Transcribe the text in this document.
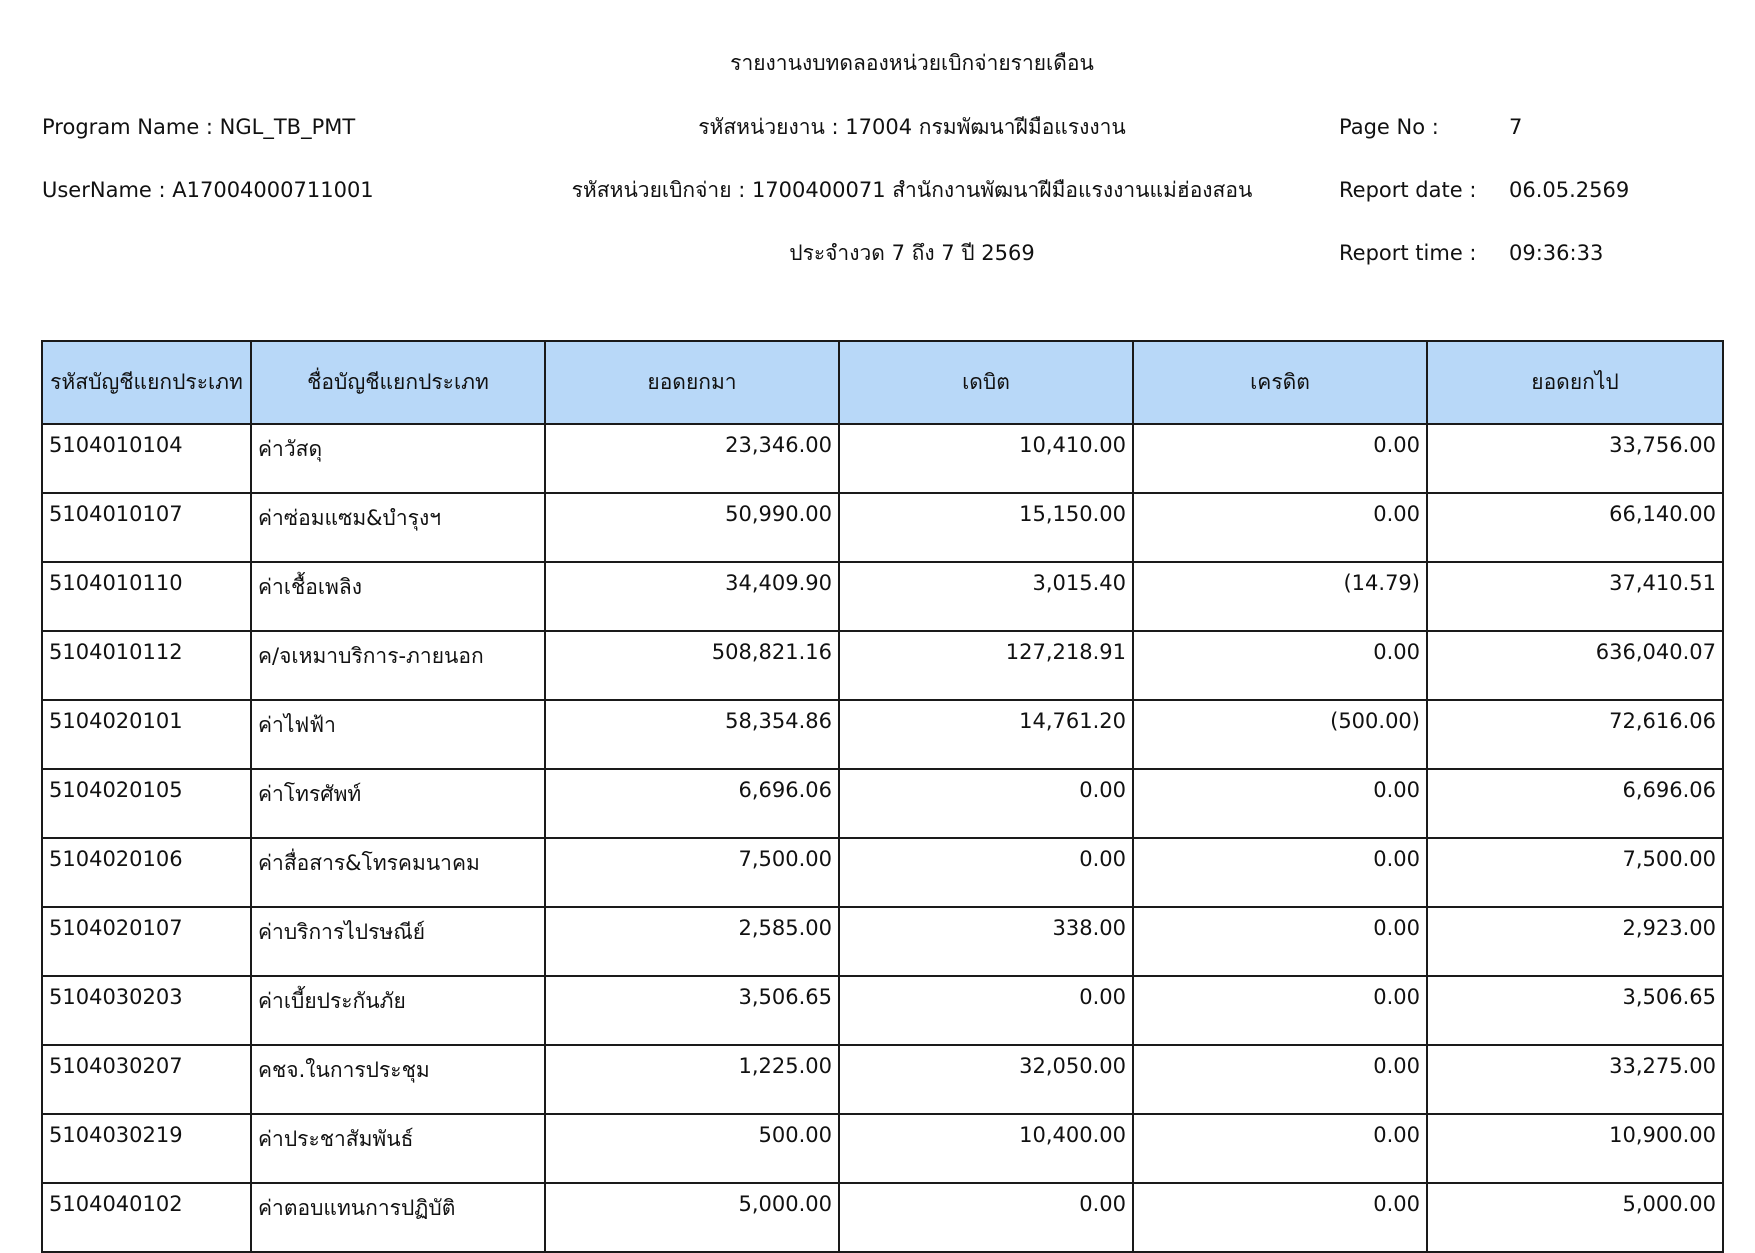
รายงานงบทดลองหน่วยเบิกจ่ายรายเดือน
Program Name : NGL_TB_PMT	รหัสหน่วยงาน : 17004 กรมพัฒนาฝีมือแรงงาน	Page No :	7
UserName : A17004000711001	รหัสหน่วยเบิกจ่าย : 1700400071 สำนักงานพัฒนาฝีมือแรงงานแม่ฮ่องสอน	Report date : 06.05.2569
ประจำงวด 7 ถึง 7 ปี 2569	Report time : 09:36:33
รหัสบัญชีแยกประเภท	ชื่อบัญชีแยกประเภท	ยอดยกมา	เดบิต	เครดิต	ยอดยกไป
5104010104	ค่าวัสดุ	23,346.00	10,410.00	0.00	33,756.00
5104010107	ค่าซ่อมแซม&บำรุงฯ	50,990.00	15,150.00	0.00	66,140.00
5104010110	ค่าเชื้อเพลิง	34,409.90	3,015.40	(14.79)	37,410.51
5104010112	ค/จเหมาบริการ-ภายนอก	508,821.16	127,218.91	0.00	636,040.07
5104020101	ค่าไฟฟ้า	58,354.86	14,761.20	(500.00)	72,616.06
5104020105	ค่าโทรศัพท์	6,696.06	0.00	0.00	6,696.06
5104020106	ค่าสื่อสาร&โทรคมนาคม	7,500.00	0.00	0.00	7,500.00
5104020107	ค่าบริการไปรษณีย์	2,585.00	338.00	0.00	2,923.00
5104030203	ค่าเบี้ยประกันภัย	3,506.65	0.00	0.00	3,506.65
5104030207	คชจ.ในการประชุม	1,225.00	32,050.00	0.00	33,275.00
5104030219	ค่าประชาสัมพันธ์	500.00	10,400.00	0.00	10,900.00
5104040102	ค่าตอบแทนการปฏิบัติ	5,000.00	0.00	0.00	5,000.00
